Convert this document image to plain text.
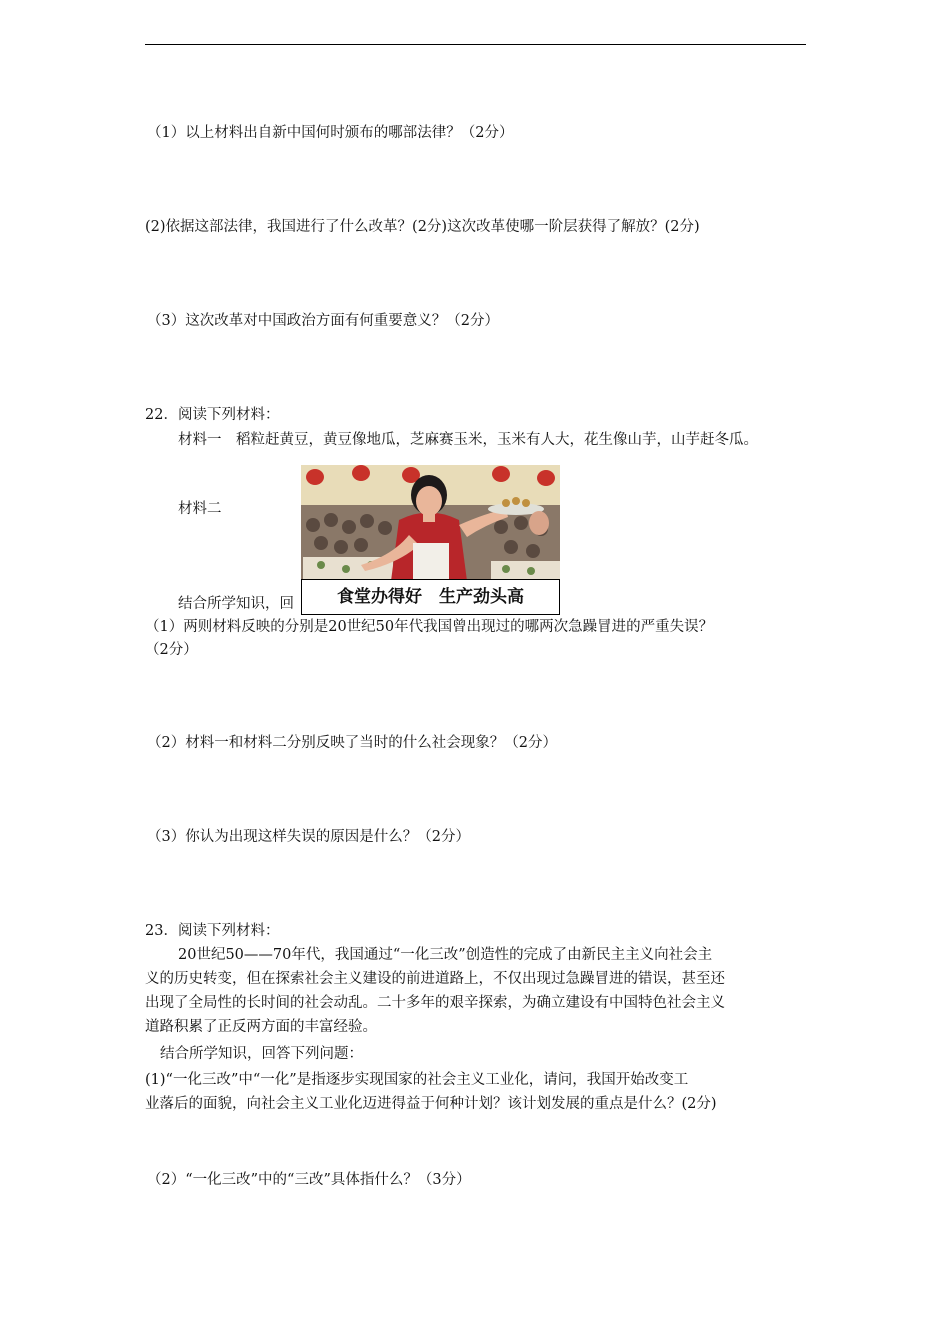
（1）以上材料出自新中国何时颁布的哪部法律？（2分）
(2)依据这部法律，我国进行了什么改革？(2分)这次改革使哪一阶层获得了解放？(2分)
（3）这次改革对中国政治方面有何重要意义？（2分）
22．阅读下列材料：
材料一　稻粒赶黄豆，黄豆像地瓜，芝麻赛玉米，玉米有人大，花生像山芋，山芋赶冬瓜。
材料二
结合所学知识，回	食堂办得好　生产劲头高
（1）两则材料反映的分别是20世纪50年代我国曾出现过的哪两次急躁冒进的严重失误？
（2分）
（2）材料一和材料二分别反映了当时的什么社会现象？（2分）
（3）你认为出现这样失误的原因是什么？（2分）
23．阅读下列材料：
20世纪50——70年代，我国通过“一化三改”创造性的完成了由新民主主义向社会主
义的历史转变，但在探索社会主义建设的前进道路上，不仅出现过急躁冒进的错误，甚至还
出现了全局性的长时间的社会动乱。二十多年的艰辛探索，为确立建设有中国特色社会主义
道路积累了正反两方面的丰富经验。
结合所学知识，回答下列问题：
(1)“一化三改”中“一化”是指逐步实现国家的社会主义工业化，请问，我国开始改变工
业落后的面貌，向社会主义工业化迈进得益于何种计划？该计划发展的重点是什么？(2分)
（2）“一化三改”中的“三改”具体指什么？（3分）
